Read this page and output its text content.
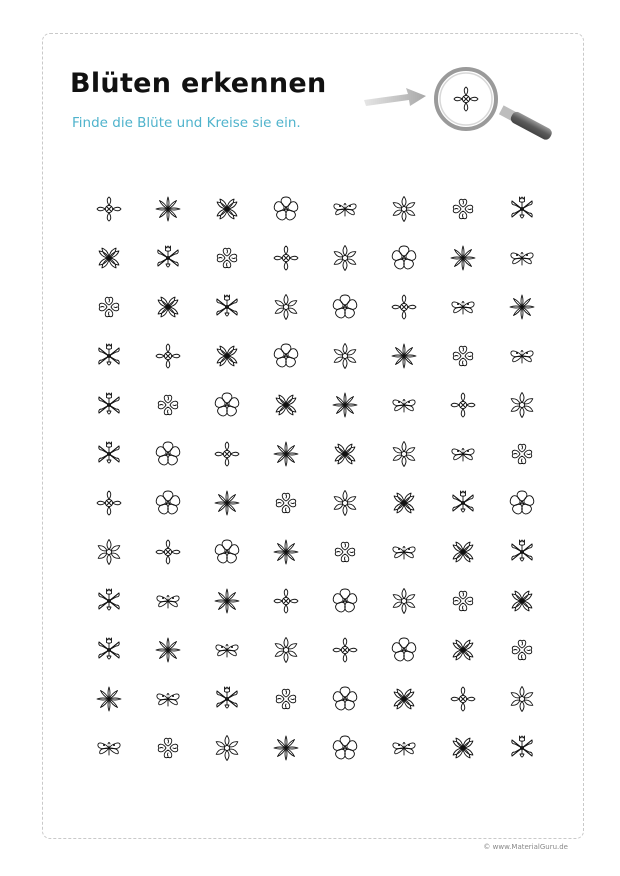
Blüten erkennen

Finde die Blüte und Kreise sie ein.

© www.MaterialGuru.de
